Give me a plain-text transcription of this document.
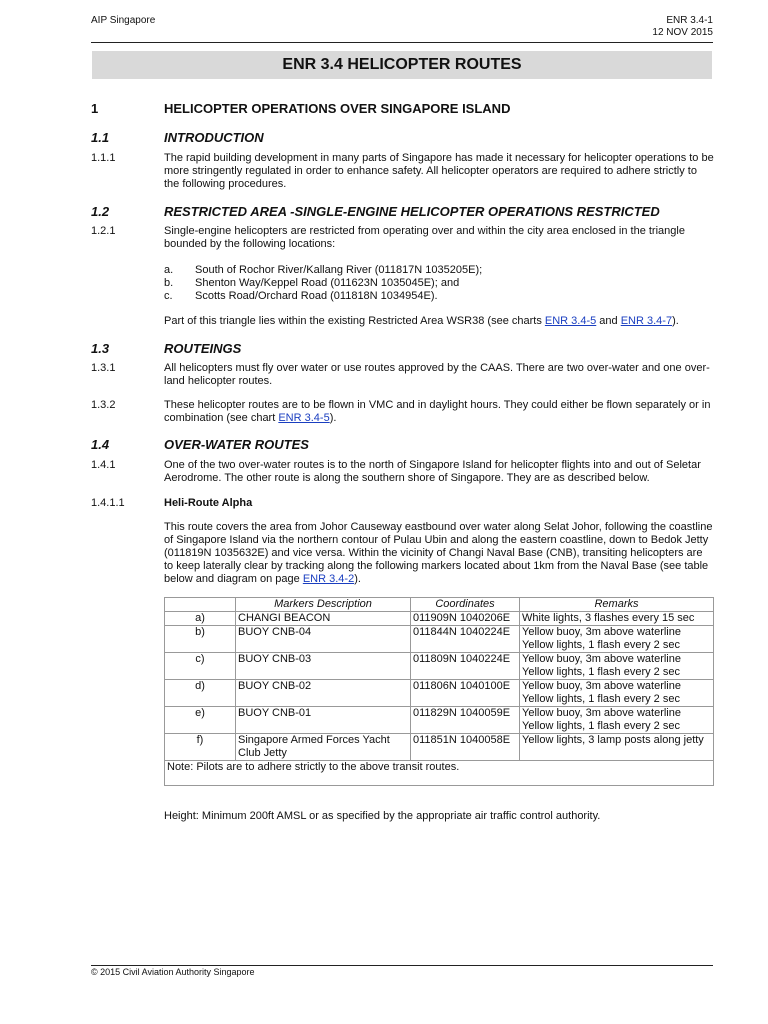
AIP Singapore	ENR 3.4-1
12 NOV 2015
ENR 3.4 HELICOPTER ROUTES
1	HELICOPTER OPERATIONS OVER SINGAPORE ISLAND
1.1	INTRODUCTION
1.1.1	The rapid building development in many parts of Singapore has made it necessary for helicopter operations to be more stringently regulated in order to enhance safety. All helicopter operators are required to adhere strictly to the following procedures.
1.2	RESTRICTED AREA -SINGLE-ENGINE HELICOPTER OPERATIONS RESTRICTED
1.2.1	Single-engine helicopters are restricted from operating over and within the city area enclosed in the triangle bounded by the following locations:
a. South of Rochor River/Kallang River (011817N 1035205E);
b. Shenton Way/Keppel Road (011623N 1035045E); and
c. Scotts Road/Orchard Road (011818N 1034954E).
Part of this triangle lies within the existing Restricted Area WSR38 (see charts ENR 3.4-5 and ENR 3.4-7).
1.3	ROUTEINGS
1.3.1	All helicopters must fly over water or use routes approved by the CAAS. There are two over-water and one over-land helicopter routes.
1.3.2	These helicopter routes are to be flown in VMC and in daylight hours. They could either be flown separately or in combination (see chart ENR 3.4-5).
1.4	OVER-WATER ROUTES
1.4.1	One of the two over-water routes is to the north of Singapore Island for helicopter flights into and out of Seletar Aerodrome. The other route is along the southern shore of Singapore. They are as described below.
1.4.1.1	Heli-Route Alpha
This route covers the area from Johor Causeway eastbound over water along Selat Johor, following the coastline of Singapore Island via the northern contour of Pulau Ubin and along the eastern coastline, down to Bedok Jetty (011819N 1035632E) and vice versa. Within the vicinity of Changi Naval Base (CNB), transiting helicopters are to keep laterally clear by tracking along the following markers located about 1km from the Naval Base (see table below and diagram on page ENR 3.4-2).
	Markers Description	Coordinates	Remarks
a)	CHANGI BEACON	011909N 1040206E	White lights, 3 flashes every 15 sec

b)	BUOY CNB-04	011844N 1040224E	Yellow buoy, 3m above waterline
Yellow lights, 1 flash every 2 sec

c)	BUOY CNB-03	011809N 1040224E	Yellow buoy, 3m above waterline
Yellow lights, 1 flash every 2 sec

d)	BUOY CNB-02	011806N 1040100E	Yellow buoy, 3m above waterline
Yellow lights, 1 flash every 2 sec

e)	BUOY CNB-01	011829N 1040059E	Yellow buoy, 3m above waterline
Yellow lights, 1 flash every 2 sec

f)	Singapore Armed Forces Yacht Club Jetty	011851N 1040058E	Yellow lights, 3 lamp posts along jetty

Note: Pilots are to adhere strictly to the above transit routes.			
Height: Minimum 200ft AMSL or as specified by the appropriate air traffic control authority.
© 2015 Civil Aviation Authority Singapore
